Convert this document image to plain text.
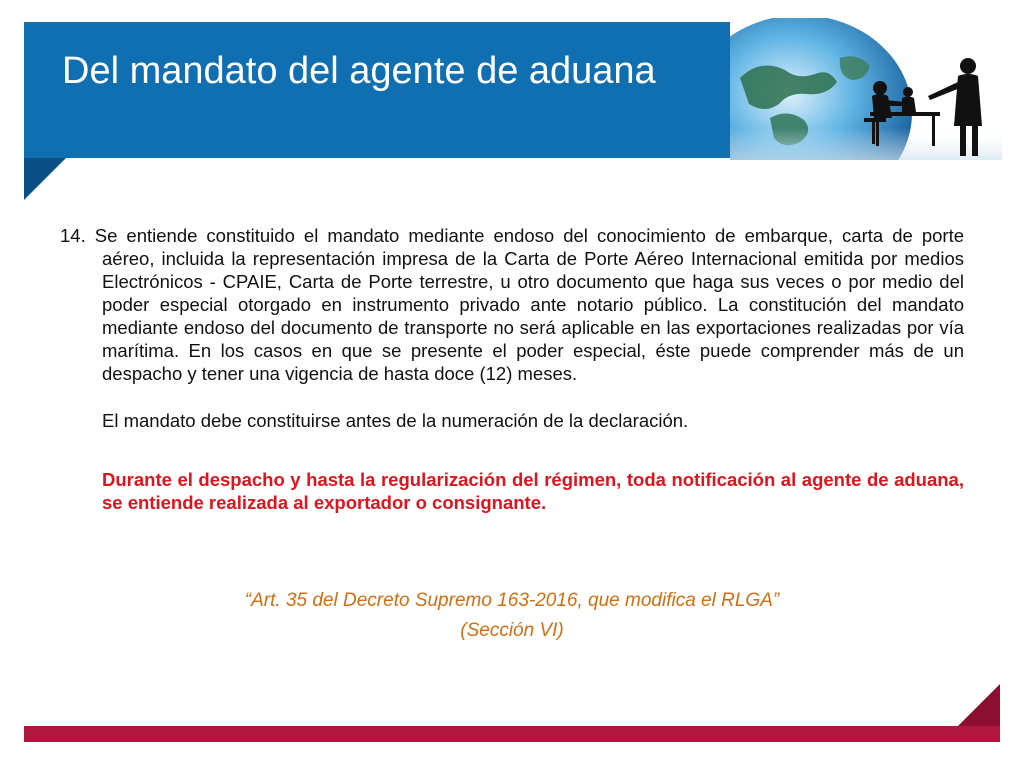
Del mandato del agente de aduana

14. Se entiende constituido el mandato mediante endoso del conocimiento de embarque, carta de porte aéreo, incluida la representación impresa de la Carta de Porte Aéreo Internacional emitida por medios Electrónicos - CPAIE, Carta de Porte terrestre, u otro documento que haga sus veces o por medio del poder especial otorgado en instrumento privado ante notario público. La constitución del mandato mediante endoso del documento de transporte no será aplicable en las exportaciones realizadas por vía marítima. En los casos en que se presente el poder especial, éste puede comprender más de un despacho y tener una vigencia de hasta doce (12) meses.

El mandato debe constituirse antes de la numeración de la declaración.

Durante el despacho y hasta la regularización del régimen, toda notificación al agente de aduana, se entiende realizada al exportador o consignante.

“Art. 35 del Decreto Supremo 163-2016, que modifica el RLGA”
(Sección VI)
